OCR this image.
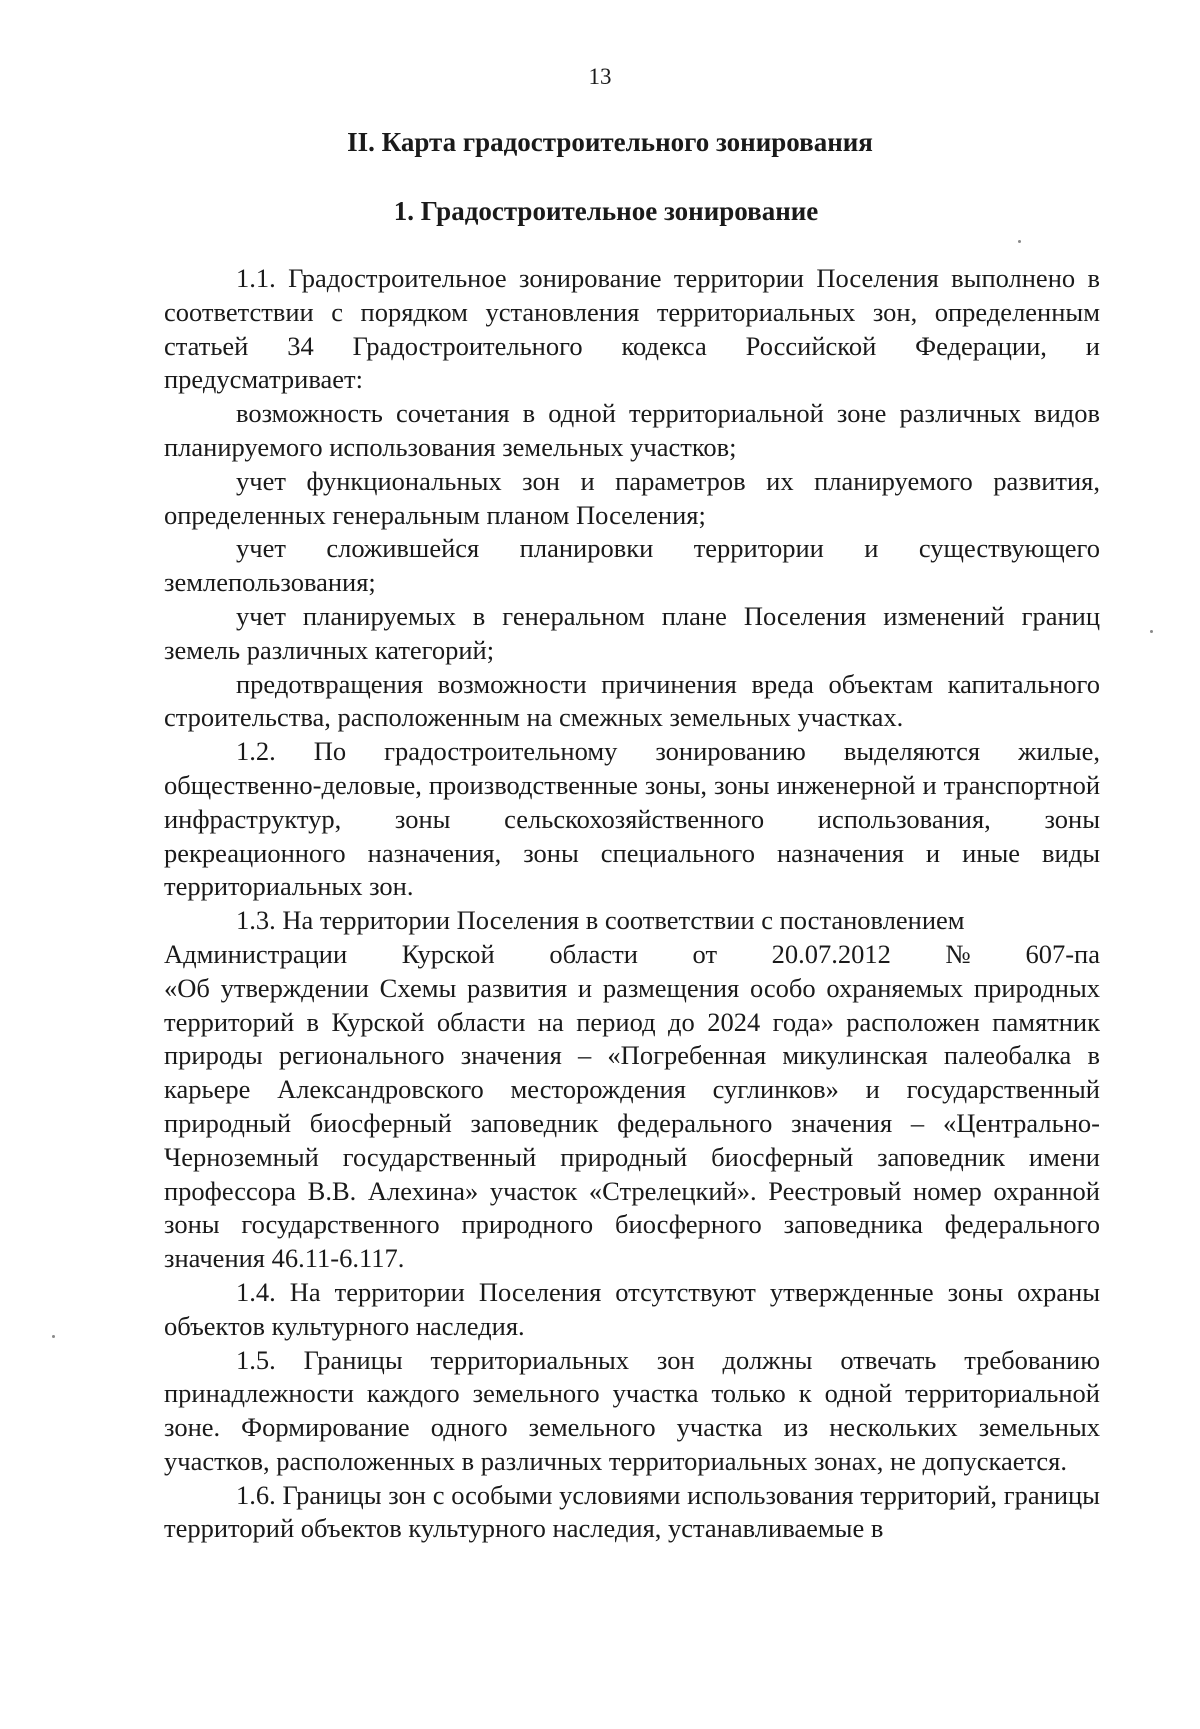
13
II. Карта градостроительного зонирования
1. Градостроительное зонирование

1.1. Градостроительное зонирование территории Поселения выполнено в соответствии с порядком установления территориальных зон, определенным статьей 34 Градостроительного кодекса Российской Федерации, и предусматривает:

возможность сочетания в одной территориальной зоне различных видов планируемого использования земельных участков;

учет функциональных зон и параметров их планируемого развития, определенных генеральным планом Поселения;

учет сложившейся планировки территории и существующего землепользования;

учет планируемых в генеральном плане Поселения изменений границ земель различных категорий;

предотвращения возможности причинения вреда объектам капитального строительства, расположенным на смежных земельных участках.

1.2. По градостроительному зонированию выделяются жилые, общественно-деловые, производственные зоны, зоны инженерной и транспортной инфраструктур, зоны сельскохозяйственного использования, зоны рекреационного назначения, зоны специального назначения и иные виды территориальных зон.

1.3. На территории Поселения в соответствии с постановлением

Администрации Курской области от 20.07.2012 № 607-па

«Об утверждении Схемы развития и размещения особо охраняемых природных территорий в Курской области на период до 2024 года» расположен памятник природы регионального значения – «Погребенная микулинская палеобалка в карьере Александровского месторождения суглинков» и государственный природный биосферный заповедник федерального значения – «Центрально-Черноземный государственный природный биосферный заповедник имени профессора В.В. Алехина» участок «Стрелецкий». Реестровый номер охранной зоны государственного природного биосферного заповедника федерального значения 46.11-6.117.

1.4. На территории Поселения отсутствуют утвержденные зоны охраны объектов культурного наследия.

1.5. Границы территориальных зон должны отвечать требованию принадлежности каждого земельного участка только к одной территориальной зоне. Формирование одного земельного участка из нескольких земельных участков, расположенных в различных территориальных зонах, не допускается.

1.6. Границы зон с особыми условиями использования территорий, границы территорий объектов культурного наследия, устанавливаемые в
